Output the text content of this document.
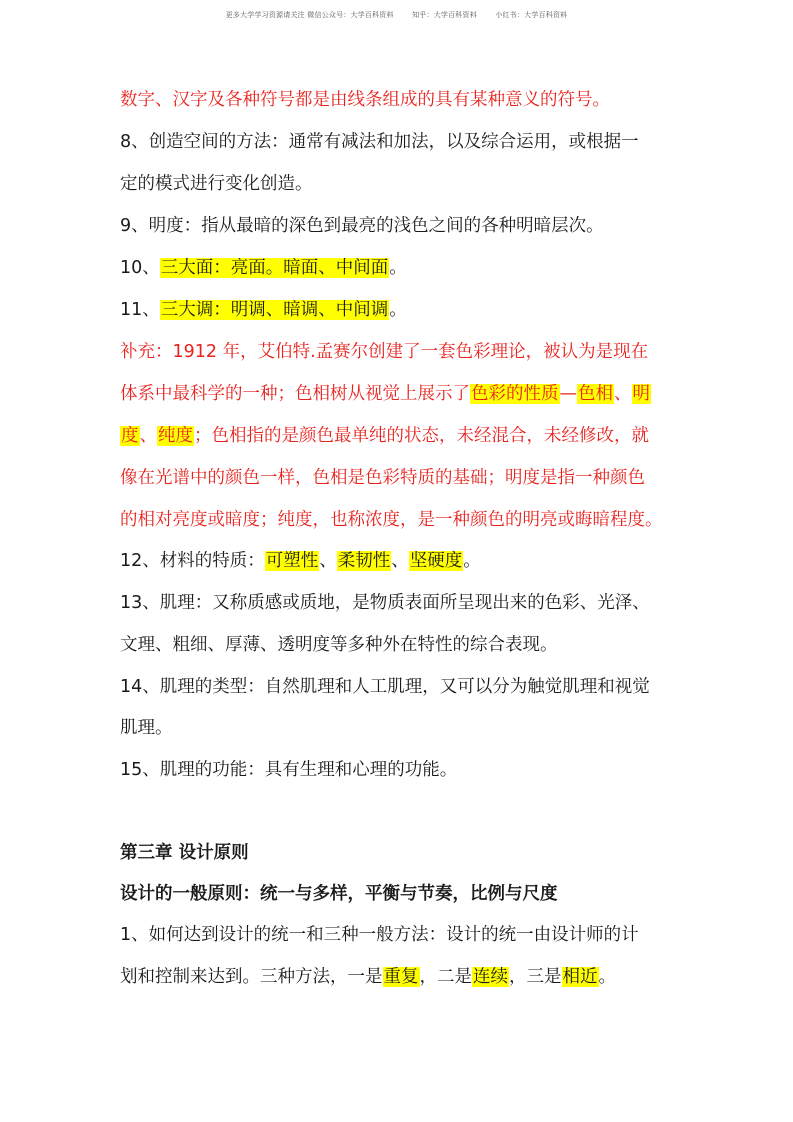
更多大学学习资源请关注 微信公众号：大学百科资料	知乎：大学百科资料	小红书：大学百科资料
数字、汉字及各种符号都是由线条组成的具有某种意义的符号。
8、创造空间的方法：通常有减法和加法，以及综合运用，或根据一
定的模式进行变化创造。
9、明度：指从最暗的深色到最亮的浅色之间的各种明暗层次。
10、三大面：亮面。暗面、中间面。
11、三大调：明调、暗调、中间调。
补充：1912 年，艾伯特.孟赛尔创建了一套色彩理论，被认为是现在
体系中最科学的一种；色相树从视觉上展示了色彩的性质—色相、明
度、纯度；色相指的是颜色最单纯的状态，未经混合，未经修改，就
像在光谱中的颜色一样，色相是色彩特质的基础；明度是指一种颜色
的相对亮度或暗度；纯度，也称浓度，是一种颜色的明亮或晦暗程度。
12、材料的特质：可塑性、柔韧性、坚硬度。
13、肌理：又称质感或质地，是物质表面所呈现出来的色彩、光泽、
文理、粗细、厚薄、透明度等多种外在特性的综合表现。
14、肌理的类型：自然肌理和人工肌理，又可以分为触觉肌理和视觉
肌理。
15、肌理的功能：具有生理和心理的功能。
第三章 设计原则
设计的一般原则：统一与多样，平衡与节奏，比例与尺度
1、如何达到设计的统一和三种一般方法：设计的统一由设计师的计
划和控制来达到。三种方法，一是重复，二是连续，三是相近。
